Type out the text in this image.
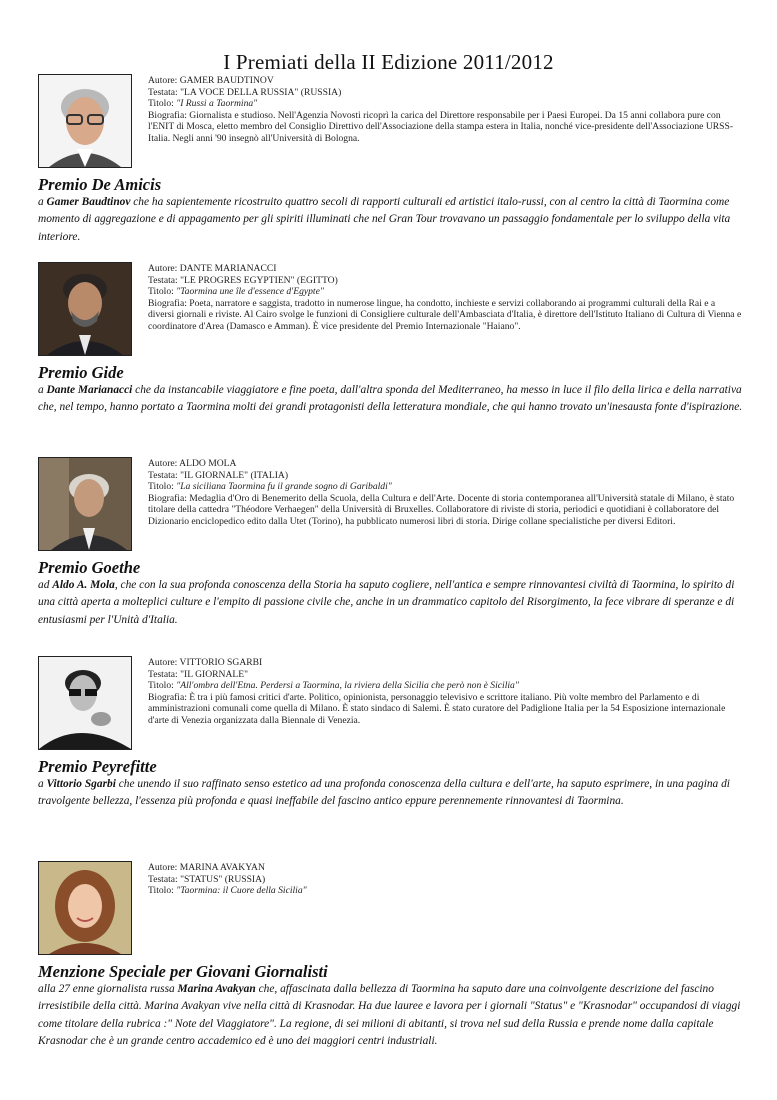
I Premiati della II Edizione 2011/2012
Autore: GAMER BAUDTINOV
Testata: "LA VOCE DELLA RUSSIA" (RUSSIA)
Titolo: "I Russi a Taormina"
Biografia: Giornalista e studioso. Nell'Agenzia Novosti ricoprì la carica del Direttore responsabile per i Paesi Europei. Da 15 anni collabora pure con l'ENIT di Mosca, eletto membro del Consiglio Direttivo dell'Associazione della stampa estera in Italia, nonché vice-presidente dell'Associazione URSS-Italia. Negli anni '90 insegnò all'Università di Bologna.
Premio De Amicis
a Gamer Baudtinov che ha sapientemente ricostruito quattro secoli di rapporti culturali ed artistici italo-russi, con al centro la città di Taormina come momento di aggregazione e di appagamento per gli spiriti illuminati che nel Gran Tour trovavano un passaggio fondamentale per lo sviluppo della vita interiore.
Autore: DANTE MARIANACCI
Testata: "LE PROGRES EGYPTIEN" (EGITTO)
Titolo: "Taormina une île d'essence d'Egypte"
Biografia: Poeta, narratore e saggista, tradotto in numerose lingue, ha condotto, inchieste e servizi collaborando ai programmi culturali della Rai e a diversi giornali e riviste. Al Cairo svolge le funzioni di Consigliere culturale dell'Ambasciata d'Italia, è direttore dell'Istituto Italiano di Cultura di Vienna e coordinatore d'Area (Damasco e Amman). È vice presidente del Premio Internazionale "Haiano".
Premio Gide
a Dante Marianacci che da instancabile viaggiatore e fine poeta, dall'altra sponda del Mediterraneo, ha messo in luce il filo della lirica e della narrativa che, nel tempo, hanno portato a Taormina molti dei grandi protagonisti della letteratura mondiale, che qui hanno trovato un'inesausta fonte d'ispirazione.
Autore: ALDO MOLA
Testata: "IL GIORNALE" (ITALIA)
Titolo: "La siciliana Taormina fu il grande sogno di Garibaldi"
Biografia: Medaglia d'Oro di Benemerito della Scuola, della Cultura e dell'Arte. Docente di storia contemporanea all'Università statale di Milano, è stato titolare della cattedra "Théodore Verhaegen" della Università di Bruxelles. Collaboratore di riviste di storia, periodici e quotidiani è collaboratore del Dizionario enciclopedico edito dalla Utet (Torino), ha pubblicato numerosi libri di storia. Dirige collane specialistiche per diversi Editori.
Premio Goethe
ad Aldo A. Mola, che con la sua profonda conoscenza della Storia ha saputo cogliere, nell'antica e sempre rinnovantesi civiltà di Taormina, lo spirito di una città aperta a molteplici culture e l'empito di passione civile che, anche in un drammatico capitolo del Risorgimento, la fece vibrare di speranze e di entusiasmi per l'Unità d'Italia.
Autore: VITTORIO SGARBI
Testata: "IL GIORNALE"
Titolo: "All'ombra dell'Etna. Perdersi a Taormina, la riviera della Sicilia che però non è Sicilia"
Biografia: È tra i più famosi critici d'arte. Politico, opinionista, personaggio televisivo e scrittore italiano. Più volte membro del Parlamento e di amministrazioni comunali come quella di Milano. È stato sindaco di Salemi. È stato curatore del Padiglione Italia per la 54 Esposizione internazionale d'arte di Venezia organizzata dalla Biennale di Venezia.
Premio Peyrefitte
a Vittorio Sgarbi che unendo il suo raffinato senso estetico ad una profonda conoscenza della cultura e dell'arte, ha saputo esprimere, in una pagina di travolgente bellezza, l'essenza più profonda e quasi ineffabile del fascino antico eppure perennemente rinnovantesi di Taormina.
Autore: MARINA AVAKYAN
Testata: "STATUS" (RUSSIA)
Titolo: "Taormina: il Cuore della Sicilia"
Menzione Speciale per Giovani Giornalisti
alla 27 enne giornalista russa Marina Avakyan che, affascinata dalla bellezza di Taormina ha saputo dare una coinvolgente descrizione del fascino irresistibile della città. Marina Avakyan vive nella città di Krasnodar. Ha due lauree e lavora per i giornali "Status" e "Krasnodar" occupandosi di viaggi come titolare della rubrica :" Note del Viaggiatore". La regione, di sei milioni di abitanti, si trova nel sud della Russia e prende nome dalla capitale Krasnodar che è un grande centro accademico ed è uno dei maggiori centri industriali.
